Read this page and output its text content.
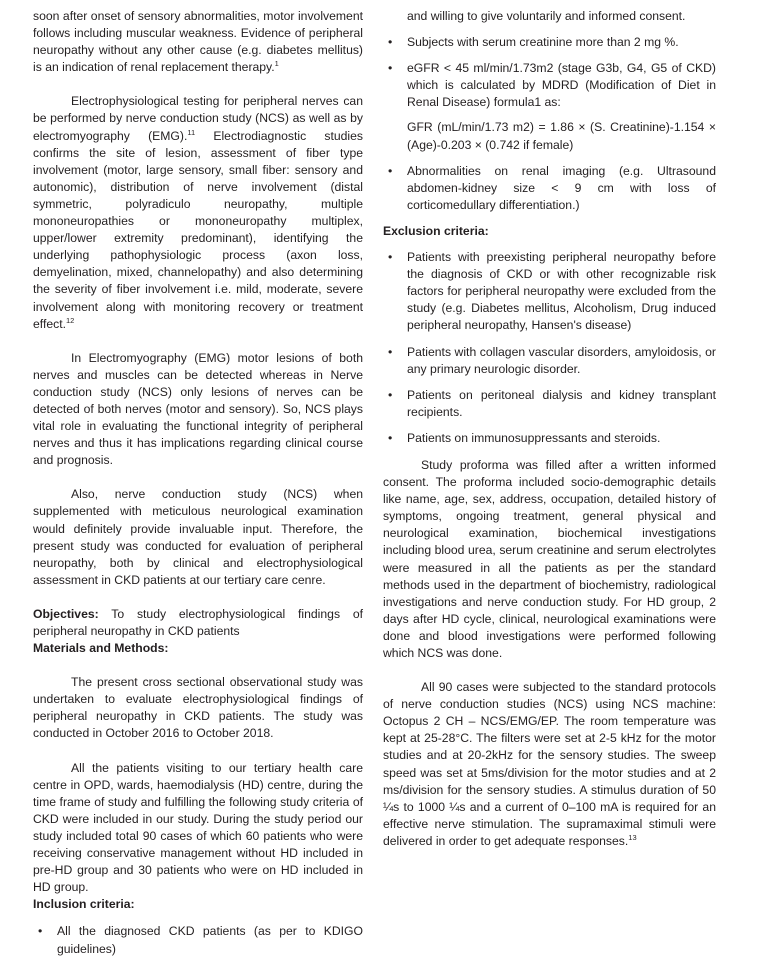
soon after onset of sensory abnormalities, motor involvement follows including muscular weakness. Evidence of peripheral neuropathy without any other cause (e.g. diabetes mellitus) is an indication of renal replacement therapy.$^1$

Electrophysiological testing for peripheral nerves can be performed by nerve conduction study (NCS) as well as by electromyography (EMG).$^{11}$ Electrodiagnostic studies confirms the site of lesion, assessment of fiber type involvement (motor, large sensory, small fiber: sensory and autonomic), distribution of nerve involvement (distal symmetric, polyradiculo neuropathy, multiple mononeuropathies or mononeuropathy multiplex, upper/lower extremity predominant), identifying the underlying pathophysiologic process (axon loss, demyelination, mixed, channelopathy) and also determining the severity of fiber involvement i.e. mild, moderate, severe involvement along with monitoring recovery or treatment effect.$^{12}$

In Electromyography (EMG) motor lesions of both nerves and muscles can be detected whereas in Nerve conduction study (NCS) only lesions of nerves can be detected of both nerves (motor and sensory). So, NCS plays vital role in evaluating the functional integrity of peripheral nerves and thus it has implications regarding clinical course and prognosis.

Also, nerve conduction study (NCS) when supplemented with meticulous neurological examination would definitely provide invaluable input. Therefore, the present study was conducted for evaluation of peripheral neuropathy, both by clinical and electrophysiological assessment in CKD patients at our tertiary care cenre.

Objectives: To study electrophysiological findings of peripheral neuropathy in CKD patients

Materials and Methods:

The present cross sectional observational study was undertaken to evaluate electrophysiological findings of peripheral neuropathy in CKD patients. The study was conducted in October 2016 to October 2018.

All the patients visiting to our tertiary health care centre in OPD, wards, haemodialysis (HD) centre, during the time frame of study and fulfilling the following study criteria of CKD were included in our study. During the study period our study included total 90 cases of which 60 patients who were receiving conservative management without HD included in pre-HD group and 30 patients who were on HD included in HD group.

Inclusion criteria:

• All the diagnosed CKD patients (as per to KDIGO guidelines)

and willing to give voluntarily and informed consent.

• Subjects with serum creatinine more than 2 mg %.
• eGFR < 45 ml/min/1.73m2 (stage G3b, G4, G5 of CKD) which is calculated by MDRD (Modification of Diet in Renal Disease) formula1 as:

GFR (mL/min/1.73 m2) = 1.86 × (S. Creatinine)-1.154 × (Age)-0.203 × (0.742 if female)

• Abnormalities on renal imaging (e.g. Ultrasound abdomen-kidney size < 9 cm with loss of corticomedullary differentiation.)

Exclusion criteria:

• Patients with preexisting peripheral neuropathy before the diagnosis of CKD or with other recognizable risk factors for peripheral neuropathy were excluded from the study (e.g. Diabetes mellitus, Alcoholism, Drug induced peripheral neuropathy, Hansen's disease)
• Patients with collagen vascular disorders, amyloidosis, or any primary neurologic disorder.
• Patients on peritoneal dialysis and kidney transplant recipients.
• Patients on immunosuppressants and steroids.

Study proforma was filled after a written informed consent. The proforma included socio-demographic details like name, age, sex, address, occupation, detailed history of symptoms, ongoing treatment, general physical and neurological examination, biochemical investigations including blood urea, serum creatinine and serum electrolytes were measured in all the patients as per the standard methods used in the department of biochemistry, radiological investigations and nerve conduction study. For HD group, 2 days after HD cycle, clinical, neurological examinations were done and blood investigations were performed following which NCS was done.

All 90 cases were subjected to the standard protocols of nerve conduction studies (NCS) using NCS machine: Octopus 2 CH – NCS/EMG/EP. The room temperature was kept at 25-28°C. The filters were set at 2-5 kHz for the motor studies and at 20-2kHz for the sensory studies. The sweep speed was set at 5ms/division for the motor studies and at 2 ms/division for the sensory studies. A stimulus duration of 50 ¼s to 1000 ¼s and a current of 0–100 mA is required for an effective nerve stimulation. The supramaximal stimuli were delivered in order to get adequate responses.$^{13}$
